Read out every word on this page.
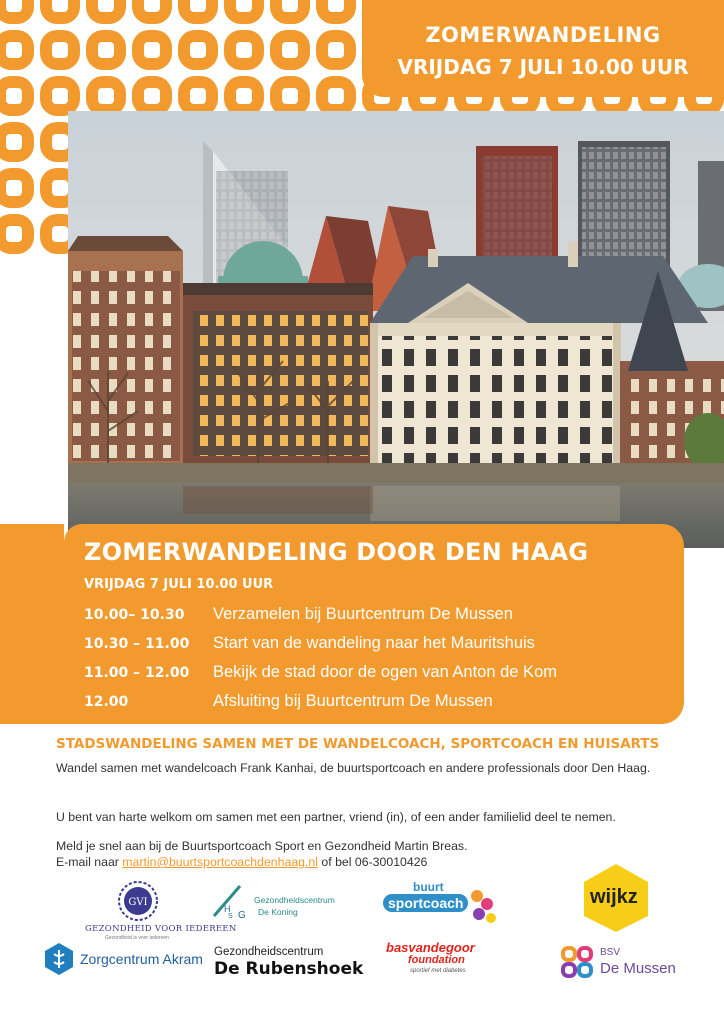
ZOMERWANDELING
VRIJDAG 7 JULI 10.00 UUR
ZOMERWANDELING DOOR DEN HAAG
VRIJDAG 7 JULI 10.00 UUR
10.00– 10.30	Verzamelen bij Buurtcentrum De Mussen
10.30 – 11.00	Start van de wandeling naar het Mauritshuis
11.00 – 12.00	Bekijk de stad door de ogen van Anton de Kom
12.00	Afsluiting bij Buurtcentrum De Mussen
STADSWANDELING SAMEN MET DE WANDELCOACH, SPORTCOACH EN HUISARTS
Wandel samen met wandelcoach Frank Kanhai, de buurtsportcoach en andere professionals door Den Haag.
U bent van harte welkom om samen met een partner, vriend (in), of een ander familielid deel te nemen.
Meld je snel aan bij de Buurtsportcoach Sport en Gezondheid Martin Breas.
E-mail naar martin@buurtsportcoachdenhaag.nl of bel 06-30010426
GVI
GEZONDHEID VOOR IEDEREEN
Gezondheid is voor iedereen
H
S G
Gezondheidscentrum
De Koning
buurt
sportcoach	wijkz
Zorgcentrum Akram Gezondheidscentrum
De Rubenshoek
basvandegoor
foundation
sportief met diabetes
BSV
De Mussen
